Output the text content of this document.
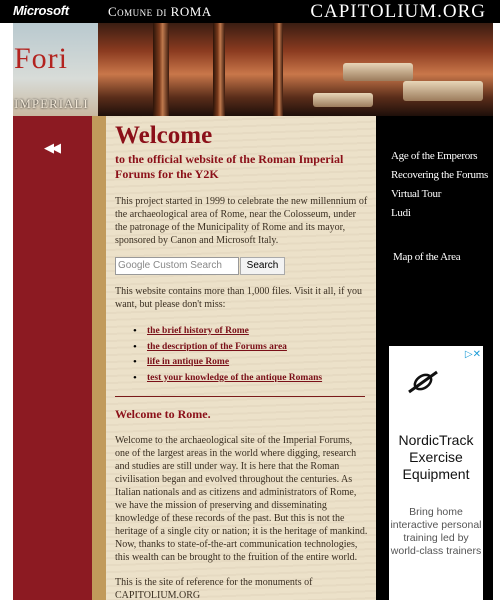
Microsoft	Comune di ROMA	CAPITOLIUM.ORG
Fori
IMPERIALI
◀◀ Welcome

to the official website of the Roman Imperial Forums for the Y2K

This project started in 1999 to celebrate the new millennium of the archaeological area of Rome, near the Colosseum, under the patronage of the Municipality of Rome and its mayor, sponsored by Canon and Microsoft Italy.

Google Custom Search	Search

This website contains more than 1,000 files. Visit it all, if you want, but please don't miss:

• the brief history of Rome
• the description of the Forums area
• life in antique Rome
• test your knowledge of the antique Romans
Welcome to Rome.

Welcome to the archaeological site of the Imperial Forums, one of the largest areas in the world where digging, research and studies are still under way. It is here that the Roman civilisation began and evolved throughout the centuries. As Italian nationals and as citizens and administrators of Rome, we have the mission of preserving and disseminating knowledge of these records of the past. But this is not the heritage of a single city or nation; it is the heritage of mankind. Now, thanks to state-of-the-art communication technologies, this wealth can be brought to the fruition of the entire world.

This is the site of reference for the monuments of CAPITOLIUM.ORG

Age of the Emperors
Recovering the Forums
Virtual Tour
Ludi
Map of the Area
▷✕
NordicTrack Exercise Equipment
Bring home interactive personal training led by world-class trainers
